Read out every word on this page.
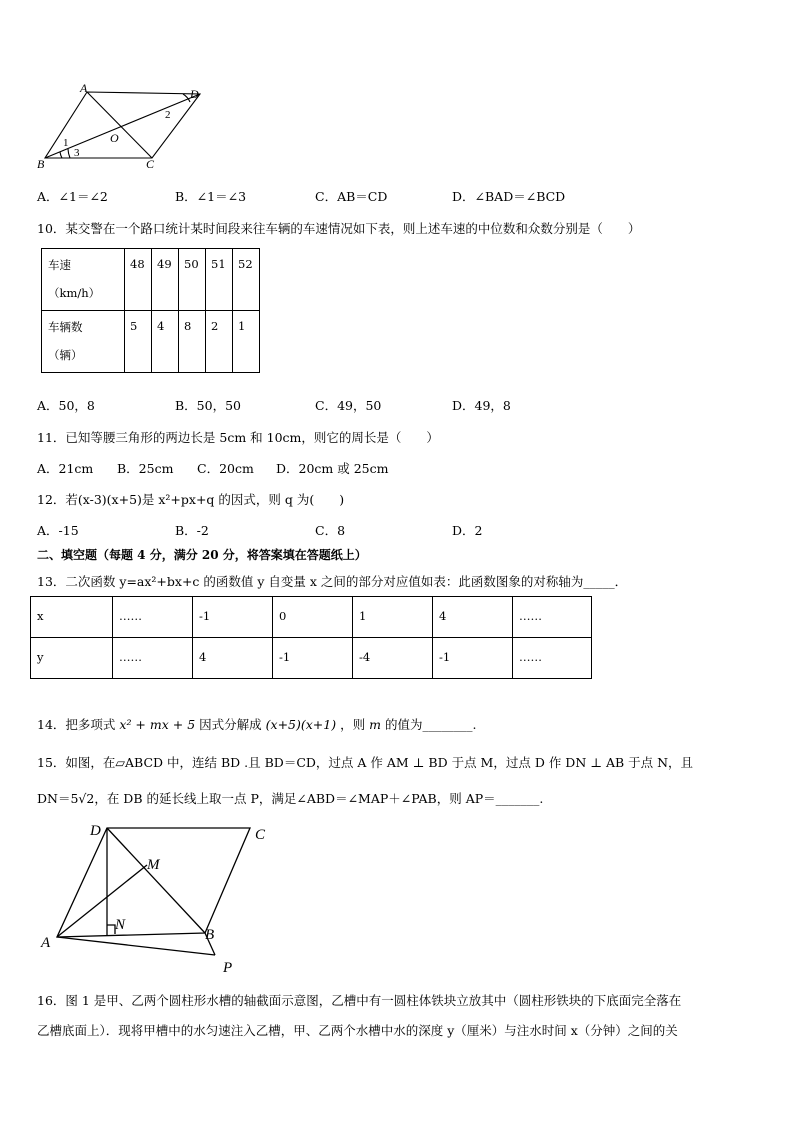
A	D
B	C
O
1
2
3
A．∠1＝∠2	B．∠1＝∠3	C．AB＝CD	D．∠BAD＝∠BCD
10．某交警在一个路口统计某时间段来往车辆的车速情况如下表，则上述车速的中位数和众数分别是（　　）
车速
（km/h）	48	49	50	51	52

车辆数
（辆）	5	4	8	2	1
A．50，8	B．50，50	C．49，50	D．49，8
11．已知等腰三角形的两边长是 5cm 和 10cm，则它的周长是（　　）
A．21cm B．25cm C．20cm D．20cm 或 25cm
12．若(x-3)(x+5)是 x²+px+q 的因式，则 q 为(　　)
A．-15	B．-2	C．8	D．2
二、填空题（每题 4 分，满分 20 分，将答案填在答题纸上）
13．二次函数 y=ax²+bx+c 的函数值 y 自变量 x 之间的部分对应值如表：此函数图象的对称轴为_____．
x	……	-1	0	1	4	……
y	……	4	-1	-4	-1	……
14．把多项式 x² + mx + 5 因式分解成 (x+5)(x+1) ，则 m 的值为________.
15．如图，在▱ABCD 中，连结 BD .且 BD＝CD，过点 A 作 AM ⊥ BD 于点 M，过点 D 作 DN ⊥ AB 于点 N，且
DN＝5√2，在 DB 的延长线上取一点 P，满足∠ABD＝∠MAP＋∠PAB，则 AP＝_______.
D	C
M
N
A	B
P
16．图 1 是甲、乙两个圆柱形水槽的轴截面示意图，乙槽中有一圆柱体铁块立放其中（圆柱形铁块的下底面完全落在
乙槽底面上）．现将甲槽中的水匀速注入乙槽，甲、乙两个水槽中水的深度 y（厘米）与注水时间 x（分钟）之间的关
